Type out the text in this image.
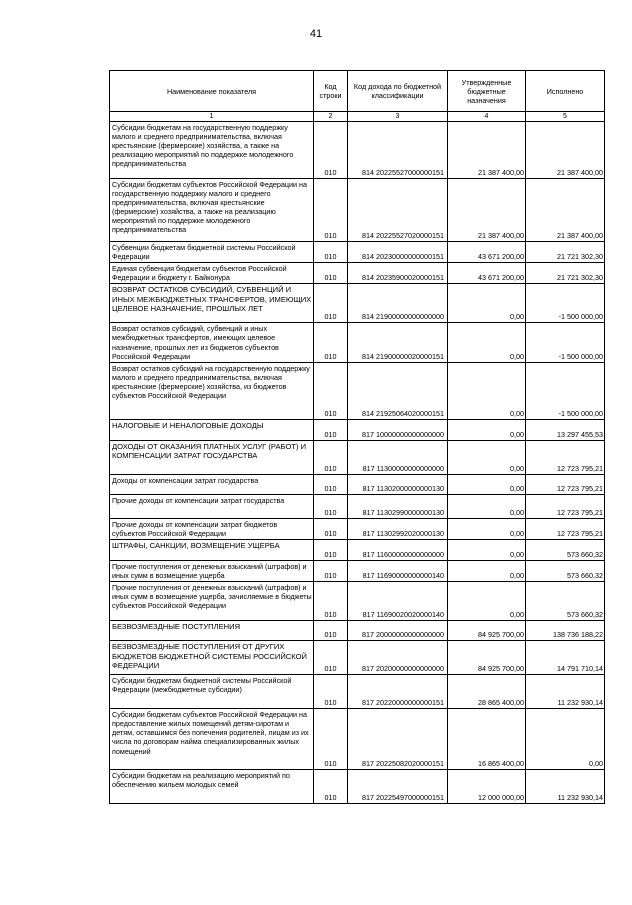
41
Наименование показателя	Код строки	Код дохода по бюджетной классификации	Утвержденные бюджетные назначения	Исполнено
1	2	3	4	5
Субсидии бюджетам на государственную поддержку малого и среднего предпринимательства, включая крестьянские (фермерские) хозяйства, а также на реализацию мероприятий по поддержке молодежного предпринимательства	010	814 20225527000000151	21 387 400,00	21 387 400,00
Субсидии бюджетам субъектов Российской Федерации на государственную поддержку малого и среднего предпринимательства, включая крестьянские (фермерские) хозяйства, а также на реализацию мероприятий по поддержке молодежного предпринимательства	010	814 20225527020000151	21 387 400,00	21 387 400,00
Субвенции бюджетам бюджетной системы Российской Федерации	010	814 20230000000000151	43 671 200,00	21 721 302,30
Единая субвенция бюджетам субъектов Российской Федерации и бюджету г. Байконура	010	814 20235900020000151	43 671 200,00	21 721 302,30
ВОЗВРАТ ОСТАТКОВ СУБСИДИЙ, СУБВЕНЦИЙ И ИНЫХ МЕЖБЮДЖЕТНЫХ ТРАНСФЕРТОВ, ИМЕЮЩИХ ЦЕЛЕВОЕ НАЗНАЧЕНИЕ, ПРОШЛЫХ ЛЕТ	010	814 21900000000000000	0,00	-1 500 000,00
Возврат остатков субсидий, субвенций и иных межбюджетных трансфертов, имеющих целевое назначение, прошлых лет из бюджетов субъектов Российской Федерации	010	814 21900000020000151	0,00	-1 500 000,00
Возврат остатков субсидий на государственную поддержку малого и среднего предпринимательства, включая крестьянские (фермерские) хозяйства, из бюджетов субъектов Российской Федерации	010	814 21925064020000151	0,00	-1 500 000,00
НАЛОГОВЫЕ И НЕНАЛОГОВЫЕ ДОХОДЫ	010	817 10000000000000000	0,00	13 297 455,53
ДОХОДЫ ОТ ОКАЗАНИЯ ПЛАТНЫХ УСЛУГ (РАБОТ) И КОМПЕНСАЦИИ ЗАТРАТ ГОСУДАРСТВА	010	817 11300000000000000	0,00	12 723 795,21
Доходы от компенсации затрат государства	010	817 11302000000000130	0,00	12 723 795,21
Прочие доходы от компенсации затрат государства	010	817 11302990000000130	0,00	12 723 795,21
Прочие доходы от компенсации затрат бюджетов субъектов Российской Федерации	010	817 11302992020000130	0,00	12 723 795,21
ШТРАФЫ, САНКЦИИ, ВОЗМЕЩЕНИЕ УЩЕРБА	010	817 11600000000000000	0,00	573 660,32
Прочие поступления от денежных взысканий (штрафов) и иных сумм в возмещение ущерба	010	817 11690000000000140	0,00	573 660,32
Прочие поступления от денежных взысканий (штрафов) и иных сумм в возмещение ущерба, зачисляемые в бюджеты субъектов Российской Федерации	010	817 11690020020000140	0,00	573 660,32
БЕЗВОЗМЕЗДНЫЕ ПОСТУПЛЕНИЯ	010	817 20000000000000000	84 925 700,00	138 736 188,22
БЕЗВОЗМЕЗДНЫЕ ПОСТУПЛЕНИЯ ОТ ДРУГИХ БЮДЖЕТОВ БЮДЖЕТНОЙ СИСТЕМЫ РОССИЙСКОЙ ФЕДЕРАЦИИ	010	817 20200000000000000	84 925 700,00	14 791 710,14
Субсидии бюджетам бюджетной системы Российской Федерации (межбюджетные субсидии)	010	817 20220000000000151	28 865 400,00	11 232 930,14
Субсидии бюджетам субъектов Российской Федерации на предоставление жилых помещений детям-сиротам и детям, оставшимся без попечения родителей, лицам из их числа по договорам найма специализированных жилых помещений	010	817 20225082020000151	16 865 400,00	0,00
Субсидии бюджетам на реализацию мероприятий по обеспечению жильем молодых семей	010	817 20225497000000151	12 000 000,00	11 232 930,14
